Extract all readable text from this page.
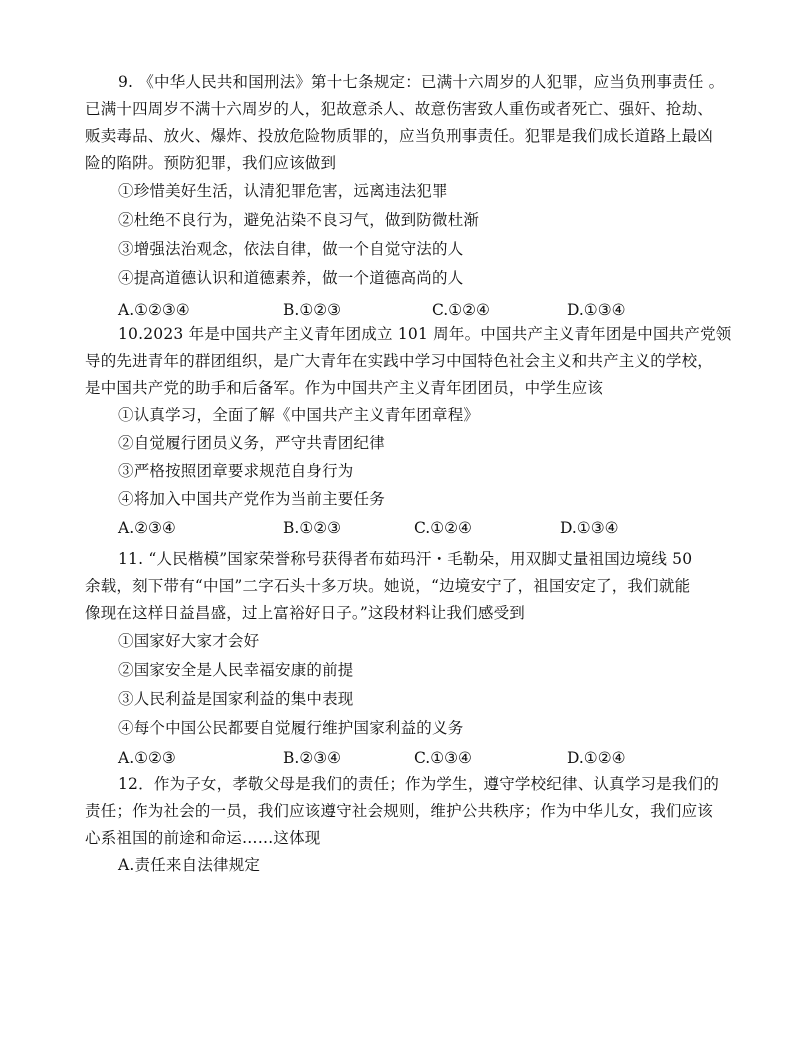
9. 《中华人民共和国刑法》第十七条规定：已满十六周岁的人犯罪，应当负刑事责任 。
已满十四周岁不满十六周岁的人，犯故意杀人、故意伤害致人重伤或者死亡、强奸、抢劫、
贩卖毒品、放火、爆炸、投放危险物质罪的，应当负刑事责任。犯罪是我们成长道路上最凶
险的陷阱。预防犯罪，我们应该做到
①珍惜美好生活，认清犯罪危害，远离违法犯罪
②杜绝不良行为，避免沾染不良习气，做到防微杜渐
③增强法治观念，依法自律，做一个自觉守法的人
④提高道德认识和道德素养，做一个道德高尚的人
A.①②③④	B.①②③	C.①②④	D.①③④
10.2023 年是中国共产主义青年团成立 101 周年。中国共产主义青年团是中国共产党领
导的先进青年的群团组织，是广大青年在实践中学习中国特色社会主义和共产主义的学校，
是中国共产党的助手和后备军。作为中国共产主义青年团团员，中学生应该
①认真学习，全面了解《中国共产主义青年团章程》
②自觉履行团员义务，严守共青团纪律
③严格按照团章要求规范自身行为
④将加入中国共产党作为当前主要任务
A.②③④	B.①②③	C.①②④	D.①③④
11. “人民楷模”国家荣誉称号获得者布茹玛汗・毛勒朵，用双脚丈量祖国边境线 50
余载，刻下带有“中国”二字石头十多万块。她说，“边境安宁了，祖国安定了，我们就能
像现在这样日益昌盛，过上富裕好日子。”这段材料让我们感受到
①国家好大家才会好
②国家安全是人民幸福安康的前提
③人民利益是国家利益的集中表现
④每个中国公民都要自觉履行维护国家利益的义务
A.①②③	B.②③④	C.①③④	D.①②④
12．作为子女，孝敬父母是我们的责任；作为学生，遵守学校纪律、认真学习是我们的
责任；作为社会的一员，我们应该遵守社会规则，维护公共秩序；作为中华儿女，我们应该
心系祖国的前途和命运……这体现
A.责任来自法律规定
